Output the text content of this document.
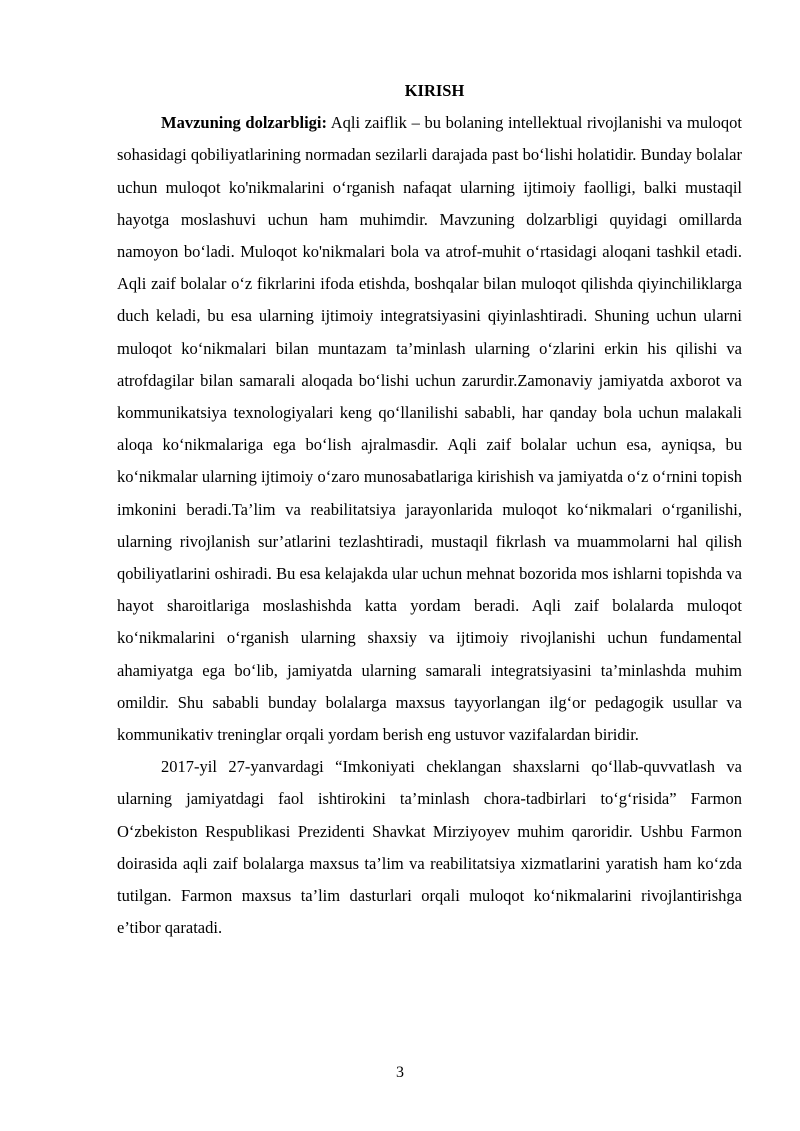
KIRISH

Mavzuning dolzarbligi: Aqli zaiflik – bu bolaning intellektual rivojlanishi va muloqot sohasidagi qobiliyatlarining normadan sezilarli darajada past boʻlishi holatidir. Bunday bolalar uchun muloqot ko'nikmalarini oʻrganish nafaqat ularning ijtimoiy faolligi, balki mustaqil hayotga moslashuvi uchun ham muhimdir. Mavzuning dolzarbligi quyidagi omillarda namoyon boʻladi. Muloqot ko'nikmalari bola va atrof-muhit oʻrtasidagi aloqani tashkil etadi. Aqli zaif bolalar oʻz fikrlarini ifoda etishda, boshqalar bilan muloqot qilishda qiyinchiliklarga duch keladi, bu esa ularning ijtimoiy integratsiyasini qiyinlashtiradi. Shuning uchun ularni muloqot koʻnikmalari bilan muntazam ta’minlash ularning oʻzlarini erkin his qilishi va atrofdagilar bilan samarali aloqada boʻlishi uchun zarurdir.Zamonaviy jamiyatda axborot va kommunikatsiya texnologiyalari keng qoʻllanilishi sababli, har qanday bola uchun malakali aloqa koʻnikmalariga ega boʻlish ajralmasdir. Aqli zaif bolalar uchun esa, ayniqsa, bu koʻnikmalar ularning ijtimoiy oʻzaro munosabatlariga kirishish va jamiyatda oʻz oʻrnini topish imkonini beradi.Ta’lim va reabilitatsiya jarayonlarida muloqot koʻnikmalari oʻrganilishi, ularning rivojlanish sur’atlarini tezlashtiradi, mustaqil fikrlash va muammolarni hal qilish qobiliyatlarini oshiradi. Bu esa kelajakda ular uchun mehnat bozorida mos ishlarni topishda va hayot sharoitlariga moslashishda katta yordam beradi. Aqli zaif bolalarda muloqot koʻnikmalarini oʻrganish ularning shaxsiy va ijtimoiy rivojlanishi uchun fundamental ahamiyatga ega boʻlib, jamiyatda ularning samarali integratsiyasini ta’minlashda muhim omildir. Shu sababli bunday bolalarga maxsus tayyorlangan ilgʻor pedagogik usullar va kommunikativ treninglar orqali yordam berish eng ustuvor vazifalardan biridir.

2017-yil 27-yanvardagi “Imkoniyati cheklangan shaxslarni qoʻllab-quvvatlash va ularning jamiyatdagi faol ishtirokini ta’minlash chora-tadbirlari toʻgʻrisida” Farmon Oʻzbekiston Respublikasi Prezidenti Shavkat Mirziyoyev muhim qaroridir. Ushbu Farmon doirasida aqli zaif bolalarga maxsus ta’lim va reabilitatsiya xizmatlarini yaratish ham koʻzda tutilgan. Farmon maxsus ta’lim dasturlari orqali muloqot koʻnikmalarini rivojlantirishga e’tibor qaratadi.

3
